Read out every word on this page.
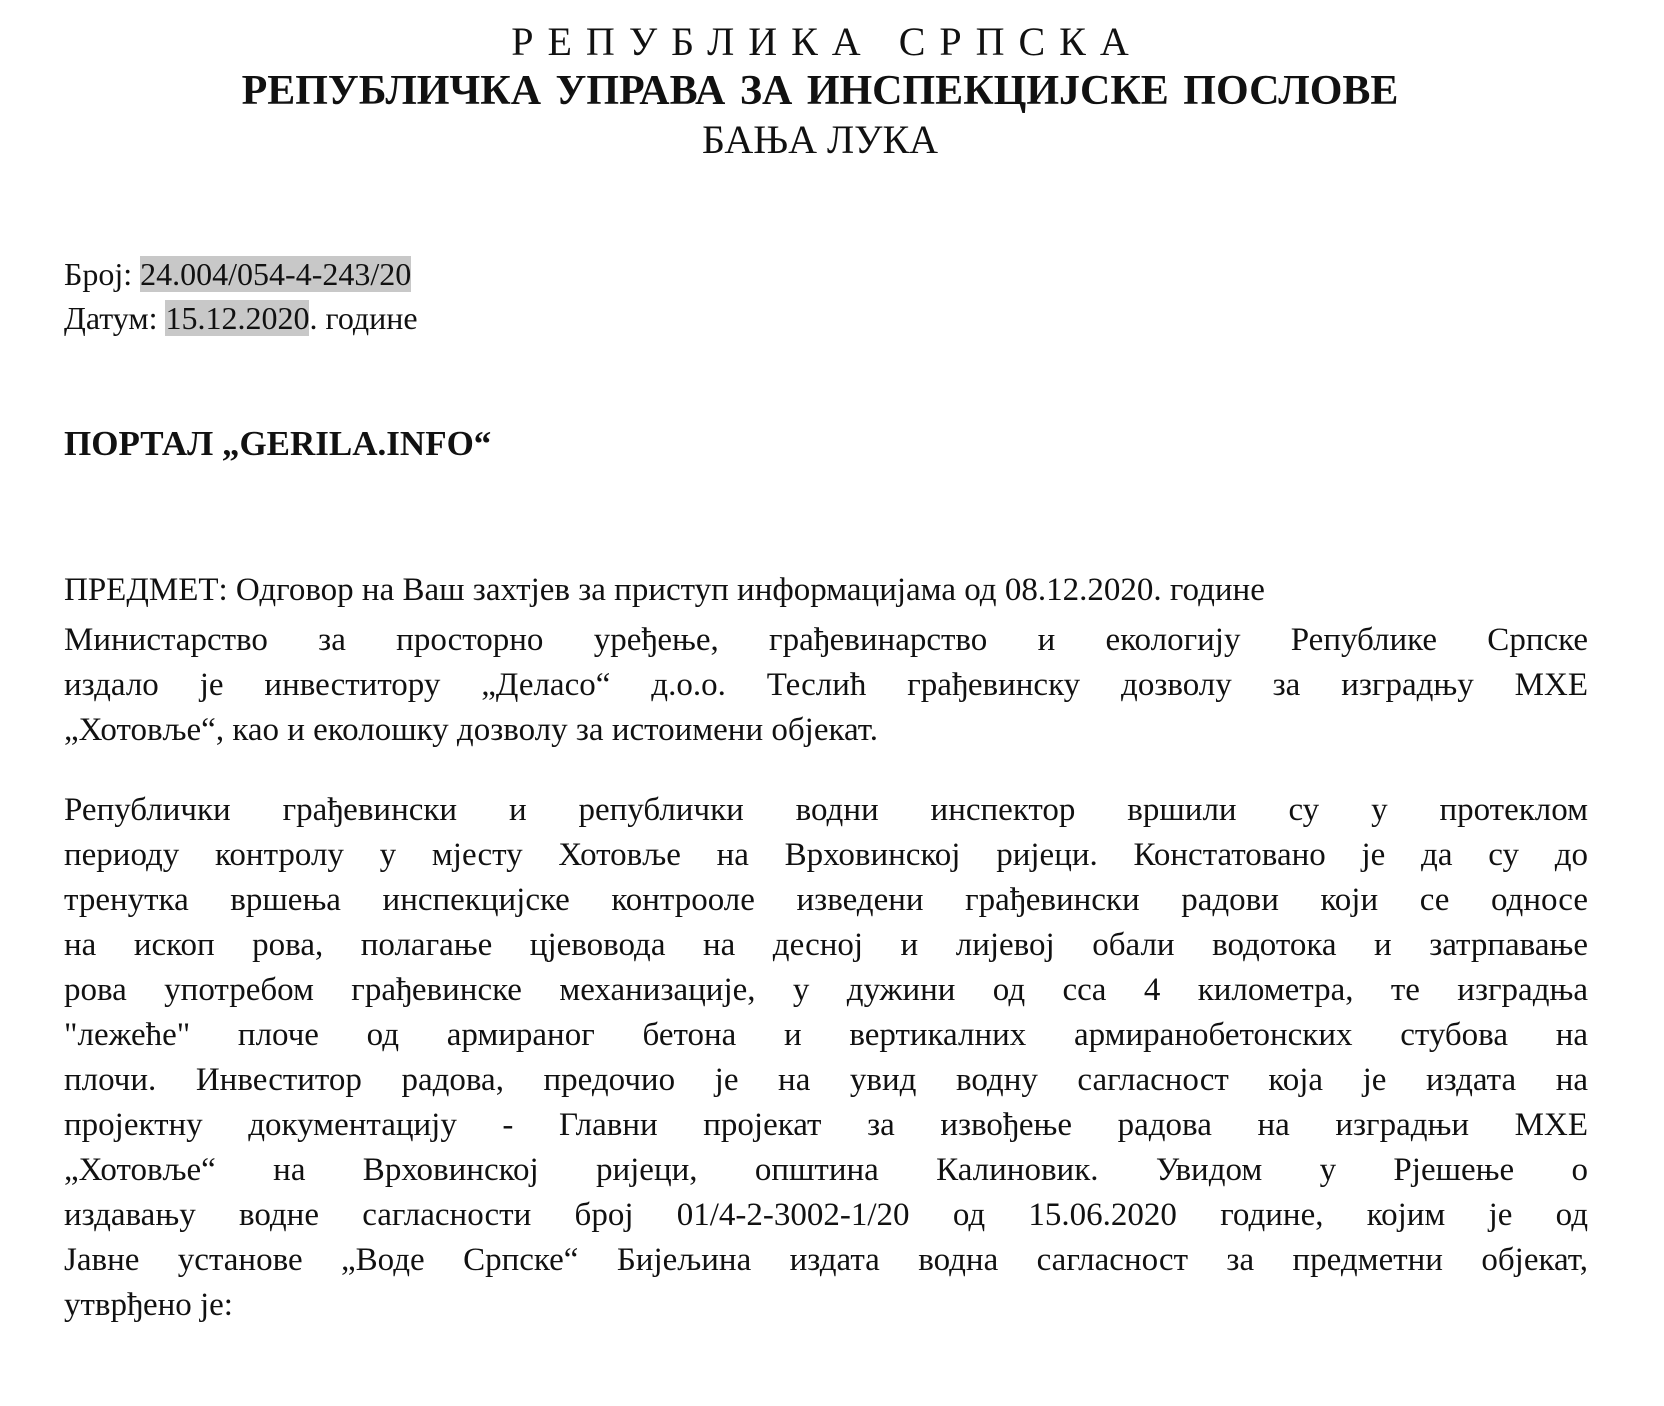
РЕПУБЛИКА СРПСКА
РЕПУБЛИЧКА УПРАВА ЗА ИНСПЕКЦИЈСКЕ ПОСЛОВЕ
БАЊА ЛУКА
Број: 24.004/054-4-243/20
Датум: 15.12.2020. године
ПОРТАЛ „GERILA.INFO“
ПРЕДМЕТ: Одговор на Ваш захтјев за приступ информацијама од 08.12.2020. године
Министарство за просторно уређење, грађевинарство и екологију Републике Српске
издало је инвеститору „Деласо“ д.о.о. Теслић грађевинску дозволу за изградњу МХЕ
„Хотовље“, као и еколошку дозволу за истоимени објекат.
Републички грађевински и републички водни инспектор вршили су у протеклом
периоду контролу у мјесту Хотовље на Врховинској ријеци. Констатовано је да су до
тренутка вршења инспекцијске контрооле изведени грађевински радови који се односе
на ископ рова, полагање цјевовода на десној и лијевој обали водотока и затрпавање
рова употребом грађевинске механизације, у дужини од cca 4 километра, те изградња
"лежеће" плоче од армираног бетона и вертикалних армиранобетонских стубова на
плочи. Инвеститор радова, предочио је на увид водну сагласност која је издата на
пројектну документацију - Главни пројекат за извођење радова на изградњи МХЕ
„Хотовље“ на Врховинској ријеци, општина Калиновик. Увидом у Рјешење о
издавању водне сагласности број 01/4-2-3002-1/20 од 15.06.2020 године, којим је од
Јавне установе „Воде Српске“ Бијељина издата водна сагласност за предметни објекат,
утврђено је:
